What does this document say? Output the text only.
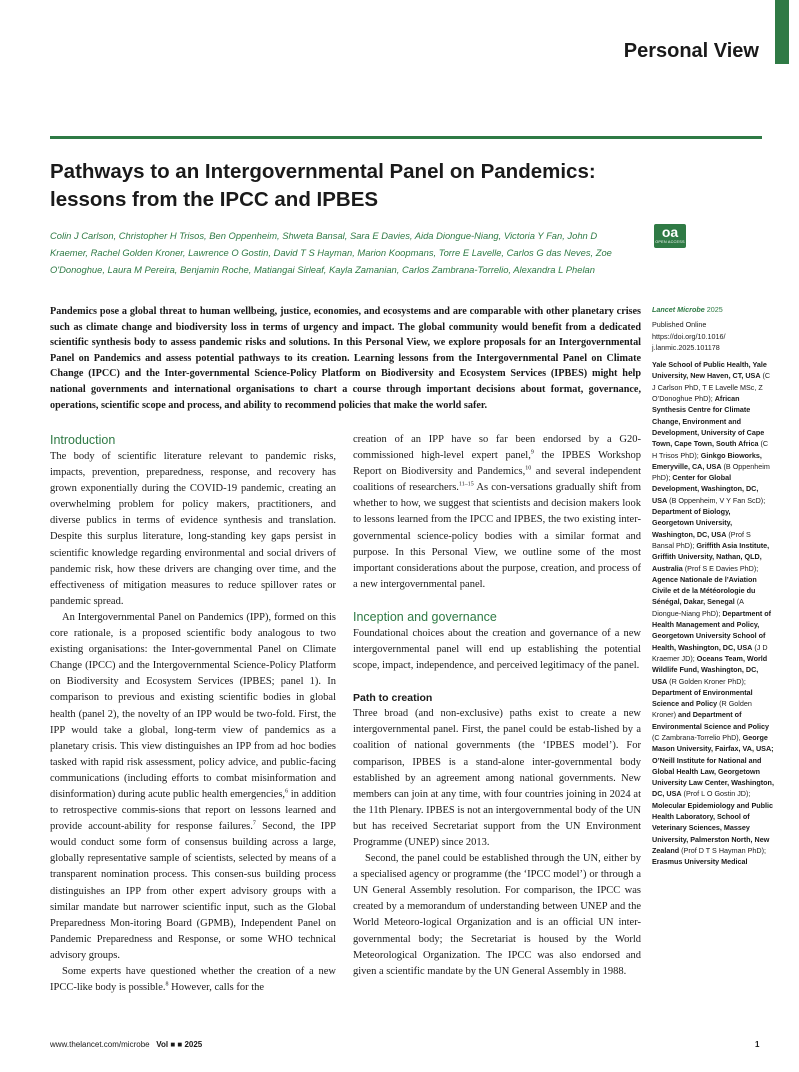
Personal View
Pathways to an Intergovernmental Panel on Pandemics: lessons from the IPCC and IPBES

Colin J Carlson, Christopher H Trisos, Ben Oppenheim, Shweta Bansal, Sara E Davies, Aida Diongue-Niang, Victoria Y Fan, John D Kraemer, Rachel Golden Kroner, Lawrence O Gostin, David T S Hayman, Marion Koopmans, Torre E Lavelle, Carlos G das Neves, Zoe O'Donoghue, Laura M Pereira, Benjamin Roche, Matiangai Sirleaf, Kayla Zamanian, Carlos Zambrana-Torrelio, Alexandra L Phelan

oa
OPEN ACCESS

Pandemics pose a global threat to human wellbeing, justice, economies, and ecosystems and are comparable with other planetary crises such as climate change and biodiversity loss in terms of urgency and impact. The global community would benefit from a dedicated scientific synthesis body to assess pandemic risks and solutions. In this Personal View, we explore proposals for an Intergovernmental Panel on Pandemics and assess potential pathways to its creation. Learning lessons from the Intergovernmental Panel on Climate Change (IPCC) and the Inter-governmental Science-Policy Platform on Biodiversity and Ecosystem Services (IPBES) might help national governments and international organisations to chart a course through important decisions about format, governance, operations, scientific scope and process, and ability to recommend policies that make the world safer.

Introduction

The body of scientific literature relevant to pandemic risks, impacts, prevention, preparedness, response, and recovery has grown exponentially during the COVID-19 pandemic, creating an overwhelming problem for policy makers, practitioners, and diverse publics in terms of evidence synthesis and translation. Despite this surplus literature, long-standing key gaps persist in scientific knowledge regarding environmental and social drivers of pandemic risk, how these drivers are changing over time, and the effectiveness of mitigation measures to reduce spillover rates or pandemic spread.

An Intergovernmental Panel on Pandemics (IPP), formed on this core rationale, is a proposed scientific body analogous to two existing organisations: the Inter-governmental Panel on Climate Change (IPCC) and the Intergovernmental Science-Policy Platform on Biodiversity and Ecosystem Services (IPBES; panel 1). In comparison to previous and existing scientific bodies in global health (panel 2), the novelty of an IPP would be two-fold. First, the IPP would take a global, long-term view of pandemics as a planetary crisis. This view distinguishes an IPP from ad hoc bodies tasked with rapid risk assessment, policy advice, and public-facing communications (including efforts to combat misinformation and disinformation) during acute public health emergencies,$^6$ in addition to retrospective commis-sions that report on lessons learned and provide account-ability for response failures.$^7$ Second, the IPP would conduct some form of consensus building across a large, globally representative sample of scientists, selected by means of a transparent nomination process. This consen-sus building process distinguishes an IPP from other expert advisory groups with a similar mandate but narrower scientific input, such as the Global Preparedness Mon-itoring Board (GPMB), Independent Panel on Pandemic Preparedness and Response, or some WHO technical advisory groups.

Some experts have questioned whether the creation of a new IPCC-like body is possible.$^8$ However, calls for the

creation of an IPP have so far been endorsed by a G20-commissioned high-level expert panel,$^9$ the IPBES Workshop Report on Biodiversity and Pandemics,$^{10}$ and several independent coalitions of researchers.$^{11-15}$ As con-versations gradually shift from whether to how, we suggest that scientists and decision makers look to lessons learned from the IPCC and IPBES, the two existing inter-governmental science-policy bodies with a similar format and purpose. In this Personal View, we outline some of the most important considerations about the purpose, creation, and process of a new intergovernmental panel.

Inception and governance

Foundational choices about the creation and governance of a new intergovernmental panel will end up establishing the potential scope, impact, independence, and perceived legitimacy of the panel.

Path to creation

Three broad (and non-exclusive) paths exist to create a new intergovernmental panel. First, the panel could be estab-lished by a coalition of national governments (the ‘IPBES model’). For comparison, IPBES is a stand-alone inter-governmental body established by an agreement among national governments. New members can join at any time, with four countries joining in 2024 at the 11th Plenary. IPBES is not an intergovernmental body of the UN but has received Secretariat support from the UN Environment Programme (UNEP) since 2013.

Second, the panel could be established through the UN, either by a specialised agency or programme (the ‘IPCC model’) or through a UN General Assembly resolution. For comparison, the IPCC was created by a memorandum of understanding between UNEP and the World Meteoro-logical Organization and is an official UN inter-governmental body; the Secretariat is housed by the World Meteorological Organization. The IPCC was also endorsed and given a scientific mandate by the UN General Assembly in 1988.

Lancet Microbe 2025
Published Online
https://doi.org/10.1016/ j.lanmic.2025.101178
Yale School of Public Health, Yale University, New Haven, CT, USA (C J Carlson PhD, T E Lavelle MSc, Z O’Donoghue PhD); African Synthesis Centre for Climate Change, Environment and Development, University of Cape Town, Cape Town, South Africa (C H Trisos PhD); Ginkgo Bioworks, Emeryville, CA, USA (B Oppenheim PhD); Center for Global Development, Washington, DC, USA (B Oppenheim, V Y Fan ScD); Department of Biology, Georgetown University, Washington, DC, USA (Prof S Bansal PhD); Griffith Asia Institute, Griffith University, Nathan, QLD, Australia (Prof S E Davies PhD); Agence Nationale de l’Aviation Civile et de la Météorologie du Sénégal, Dakar, Senegal (A Diongue-Niang PhD); Department of Health Management and Policy, Georgetown University School of Health, Washington, DC, USA (J D Kraemer JD); Oceans Team, World Wildlife Fund, Washington, DC, USA (R Golden Kroner PhD); Department of Environmental Science and Policy (R Golden Kroner) and Department of Environmental Science and Policy (C Zambrana-Torrelio PhD), George Mason University, Fairfax, VA, USA; O’Neill Institute for National and Global Health Law, Georgetown University Law Center, Washington, DC, USA (Prof L O Gostin JD); Molecular Epidemiology and Public Health Laboratory, School of Veterinary Sciences, Massey University, Palmerston North, New Zealand (Prof D T S Hayman PhD); Erasmus University Medical
www.thelancet.com/microbe Vol ■ ■ 2025	1
